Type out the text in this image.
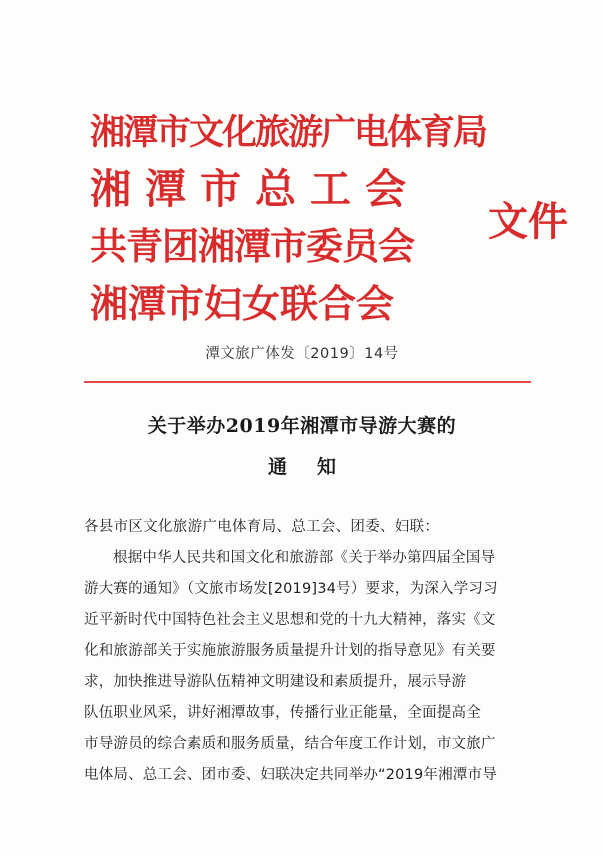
湘潭市文化旅游广电体育局
湘潭市总工会
共青团湘潭市委员会
湘潭市妇女联合会
文件
潭文旅广体发〔2019〕14号
关于举办2019年湘潭市导游大赛的
通知
各县市区文化旅游广电体育局、总工会、团委、妇联：
根据中华人民共和国文化和旅游部《关于举办第四届全国导
游大赛的通知》（文旅市场发[2019]34号）要求，为深入学习习
近平新时代中国特色社会主义思想和党的十九大精神，落实《文
化和旅游部关于实施旅游服务质量提升计划的指导意见》有关要
求，加快推进导游队伍精神文明建设和素质提升，展示导游
队伍职业风采，讲好湘潭故事，传播行业正能量，全面提高全
市导游员的综合素质和服务质量，结合年度工作计划，市文旅广
电体局、总工会、团市委、妇联决定共同举办“2019年湘潭市导
